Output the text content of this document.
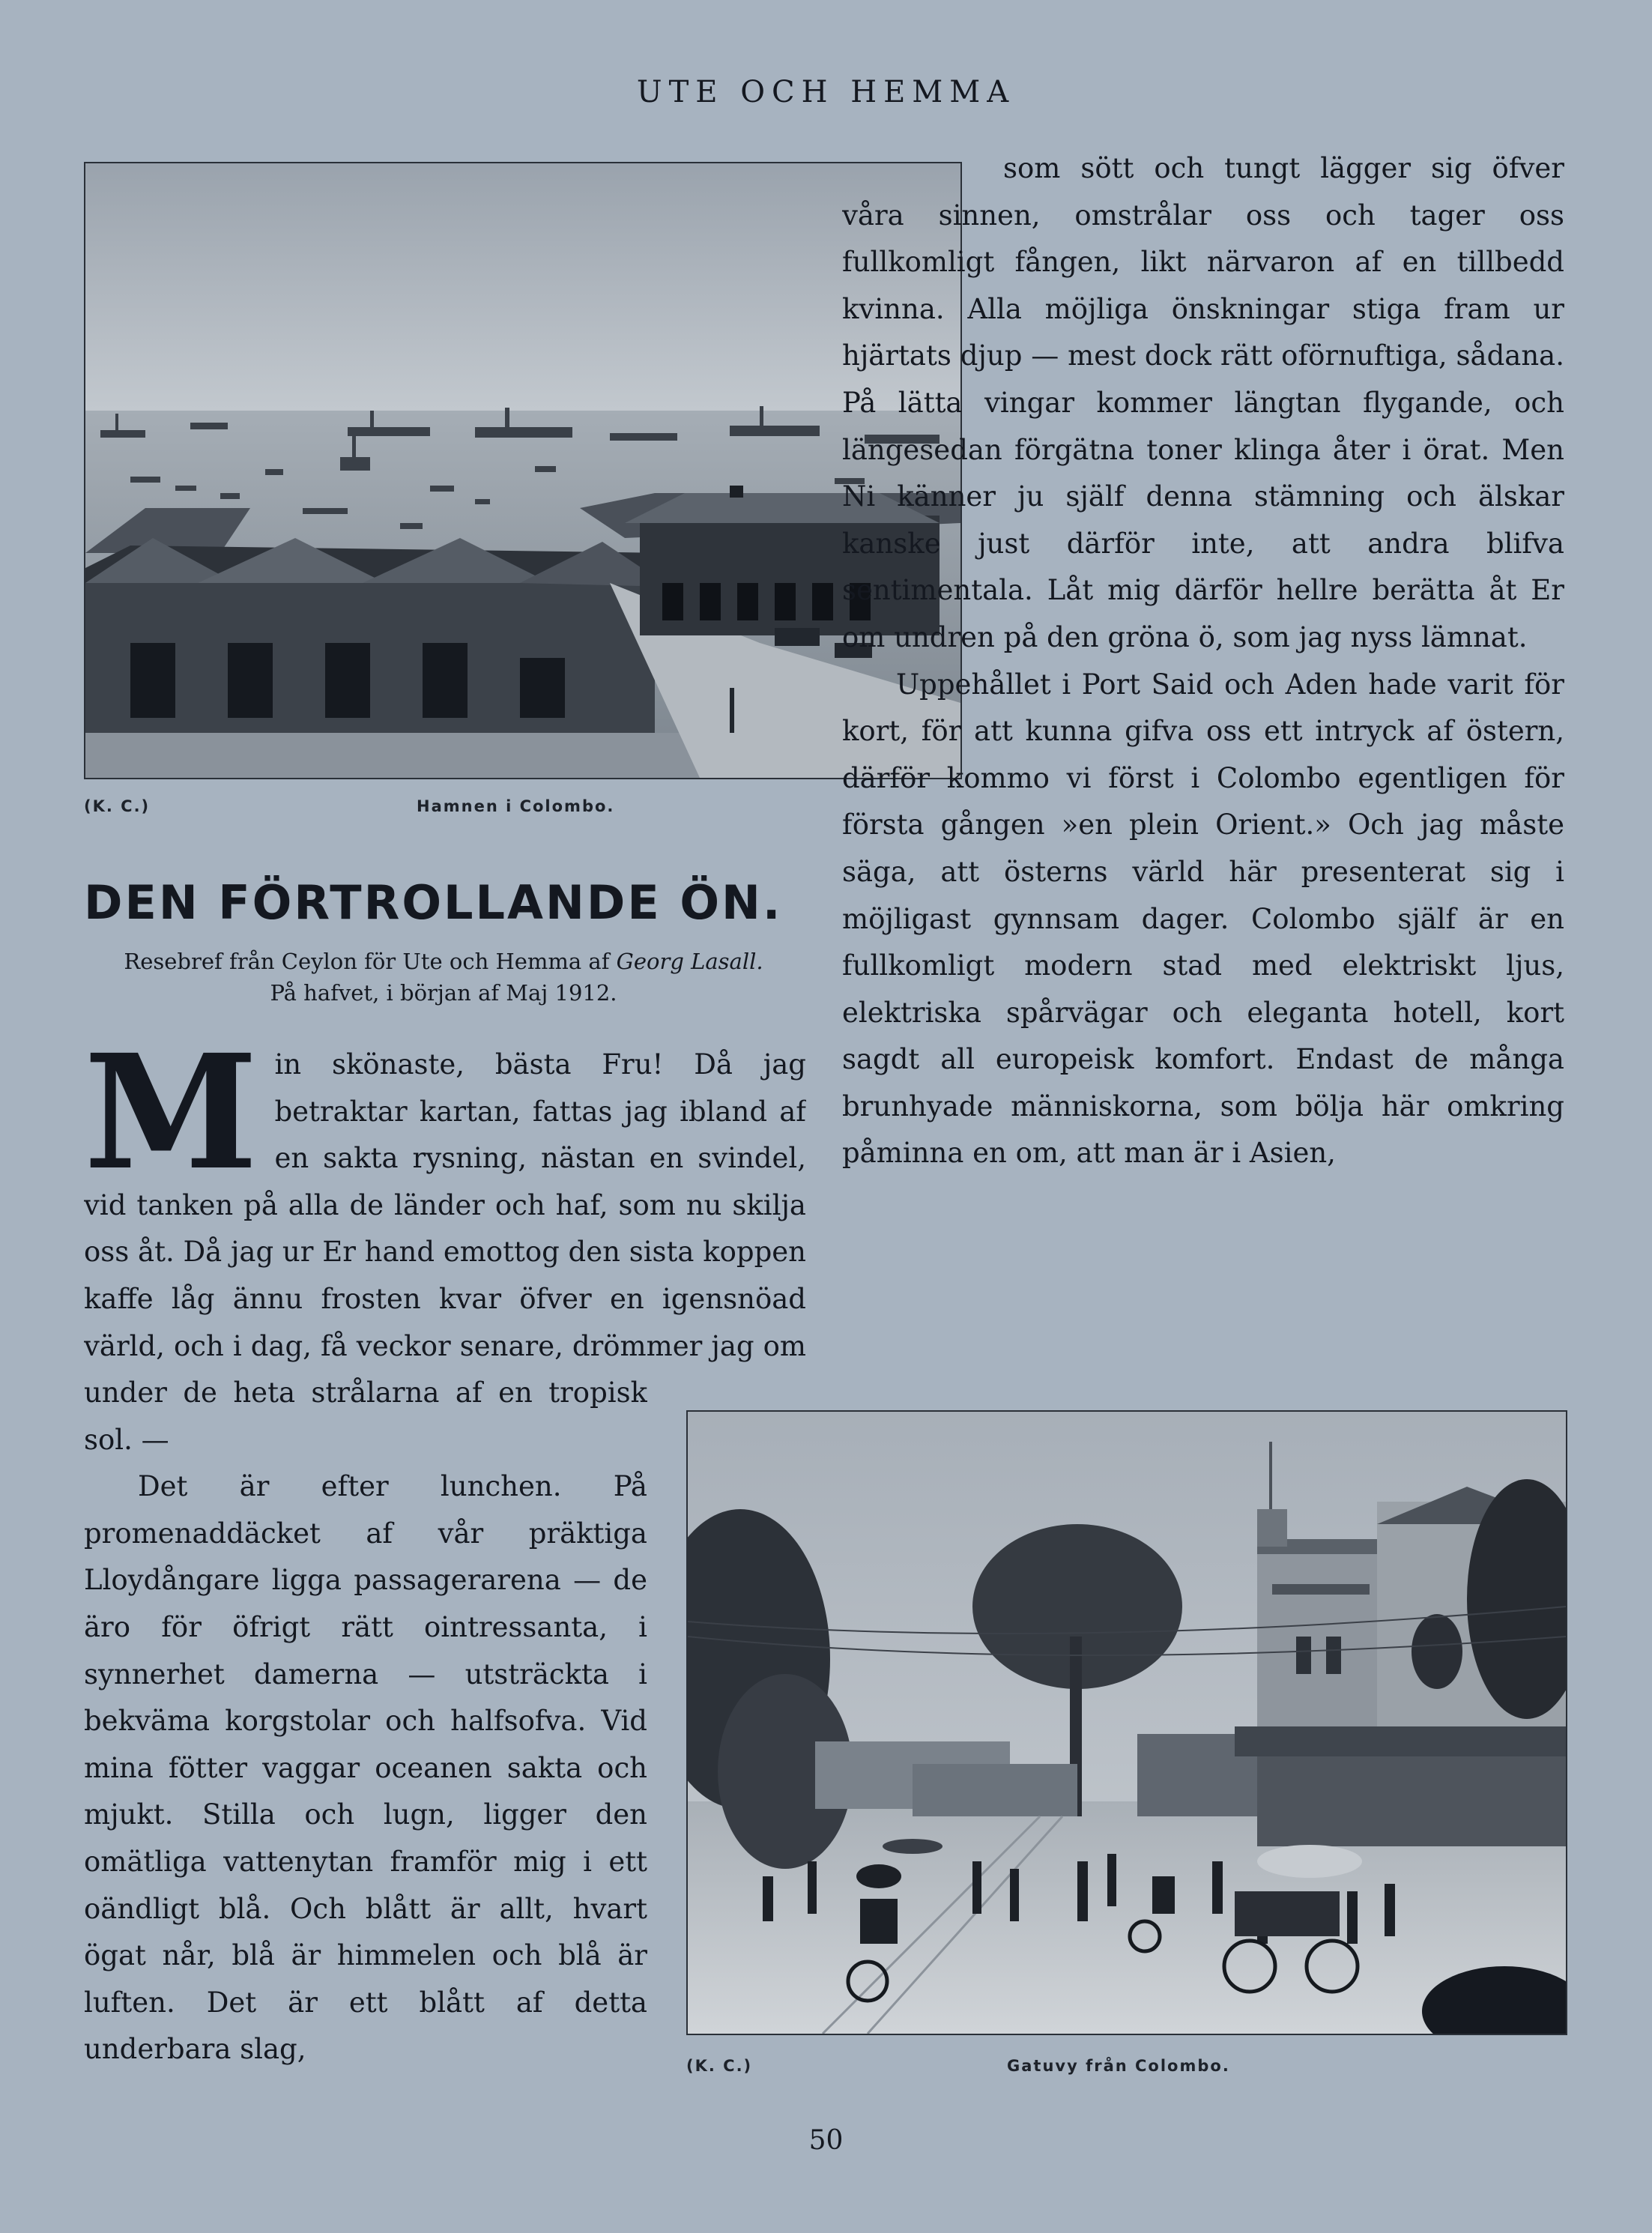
UTE OCH HEMMA
(K. C.)	Hamnen i Colombo.
DEN FÖRTROLLANDE ÖN.
Resebref från Ceylon för Ute och Hemma af Georg Lasall.
På hafvet, i början af Maj 1912.

M in skönaste, bästa Fru! Då jag betraktar kartan, fattas jag ibland af en sakta rysning, nästan en svindel, vid tanken på alla de länder och haf, som nu skilja oss åt. Då jag ur Er hand emottog den sista koppen kaffe låg ännu frosten kvar öfver en igensnöad värld, och i dag, få veckor senare, drömmer jag om

under de heta strålarna af en tropisk sol. —

Det är efter lunchen. På promenaddäcket af vår präktiga Lloydångare ligga passagerarena — de äro för öfrigt rätt ointressanta, i synnerhet damerna — utsträckta i bekväma korgstolar och halfsofva. Vid mina fötter vaggar oceanen sakta och mjukt. Stilla och lugn, ligger den omätliga vattenytan framför mig i ett oändligt blå. Och blått är allt, hvart ögat når, blå är himmelen och blå är luften. Det är ett blått af detta underbara slag,

som sött och tungt lägger sig öfver våra sinnen, omstrålar oss och tager oss fullkomligt fången, likt närvaron af en tillbedd kvinna. Alla möjliga önskningar stiga fram ur hjärtats djup — mest dock rätt oförnuftiga, sådana. På lätta vingar kommer längtan flygande, och längesedan förgätna toner klinga åter i örat. Men Ni känner ju själf denna stämning och älskar kanske just därför inte, att andra blifva sentimentala. Låt mig därför hellre berätta åt Er om undren på den gröna ö, som jag nyss lämnat.

Uppehållet i Port Said och Aden hade varit för kort, för att kunna gifva oss ett intryck af östern, därför kommo vi först i Colombo egentligen för första gången »en plein Orient.» Och jag måste säga, att österns värld här presenterat sig i möjligast gynnsam dager. Colombo själf är en fullkomligt modern stad med elektriskt ljus, elektriska spårvägar och eleganta hotell, kort sagdt all europeisk komfort. Endast de många brunhyade människorna, som bölja här omkring påminna en om, att man är i Asien,

(K. C.)	Gatuvy från Colombo.
50
